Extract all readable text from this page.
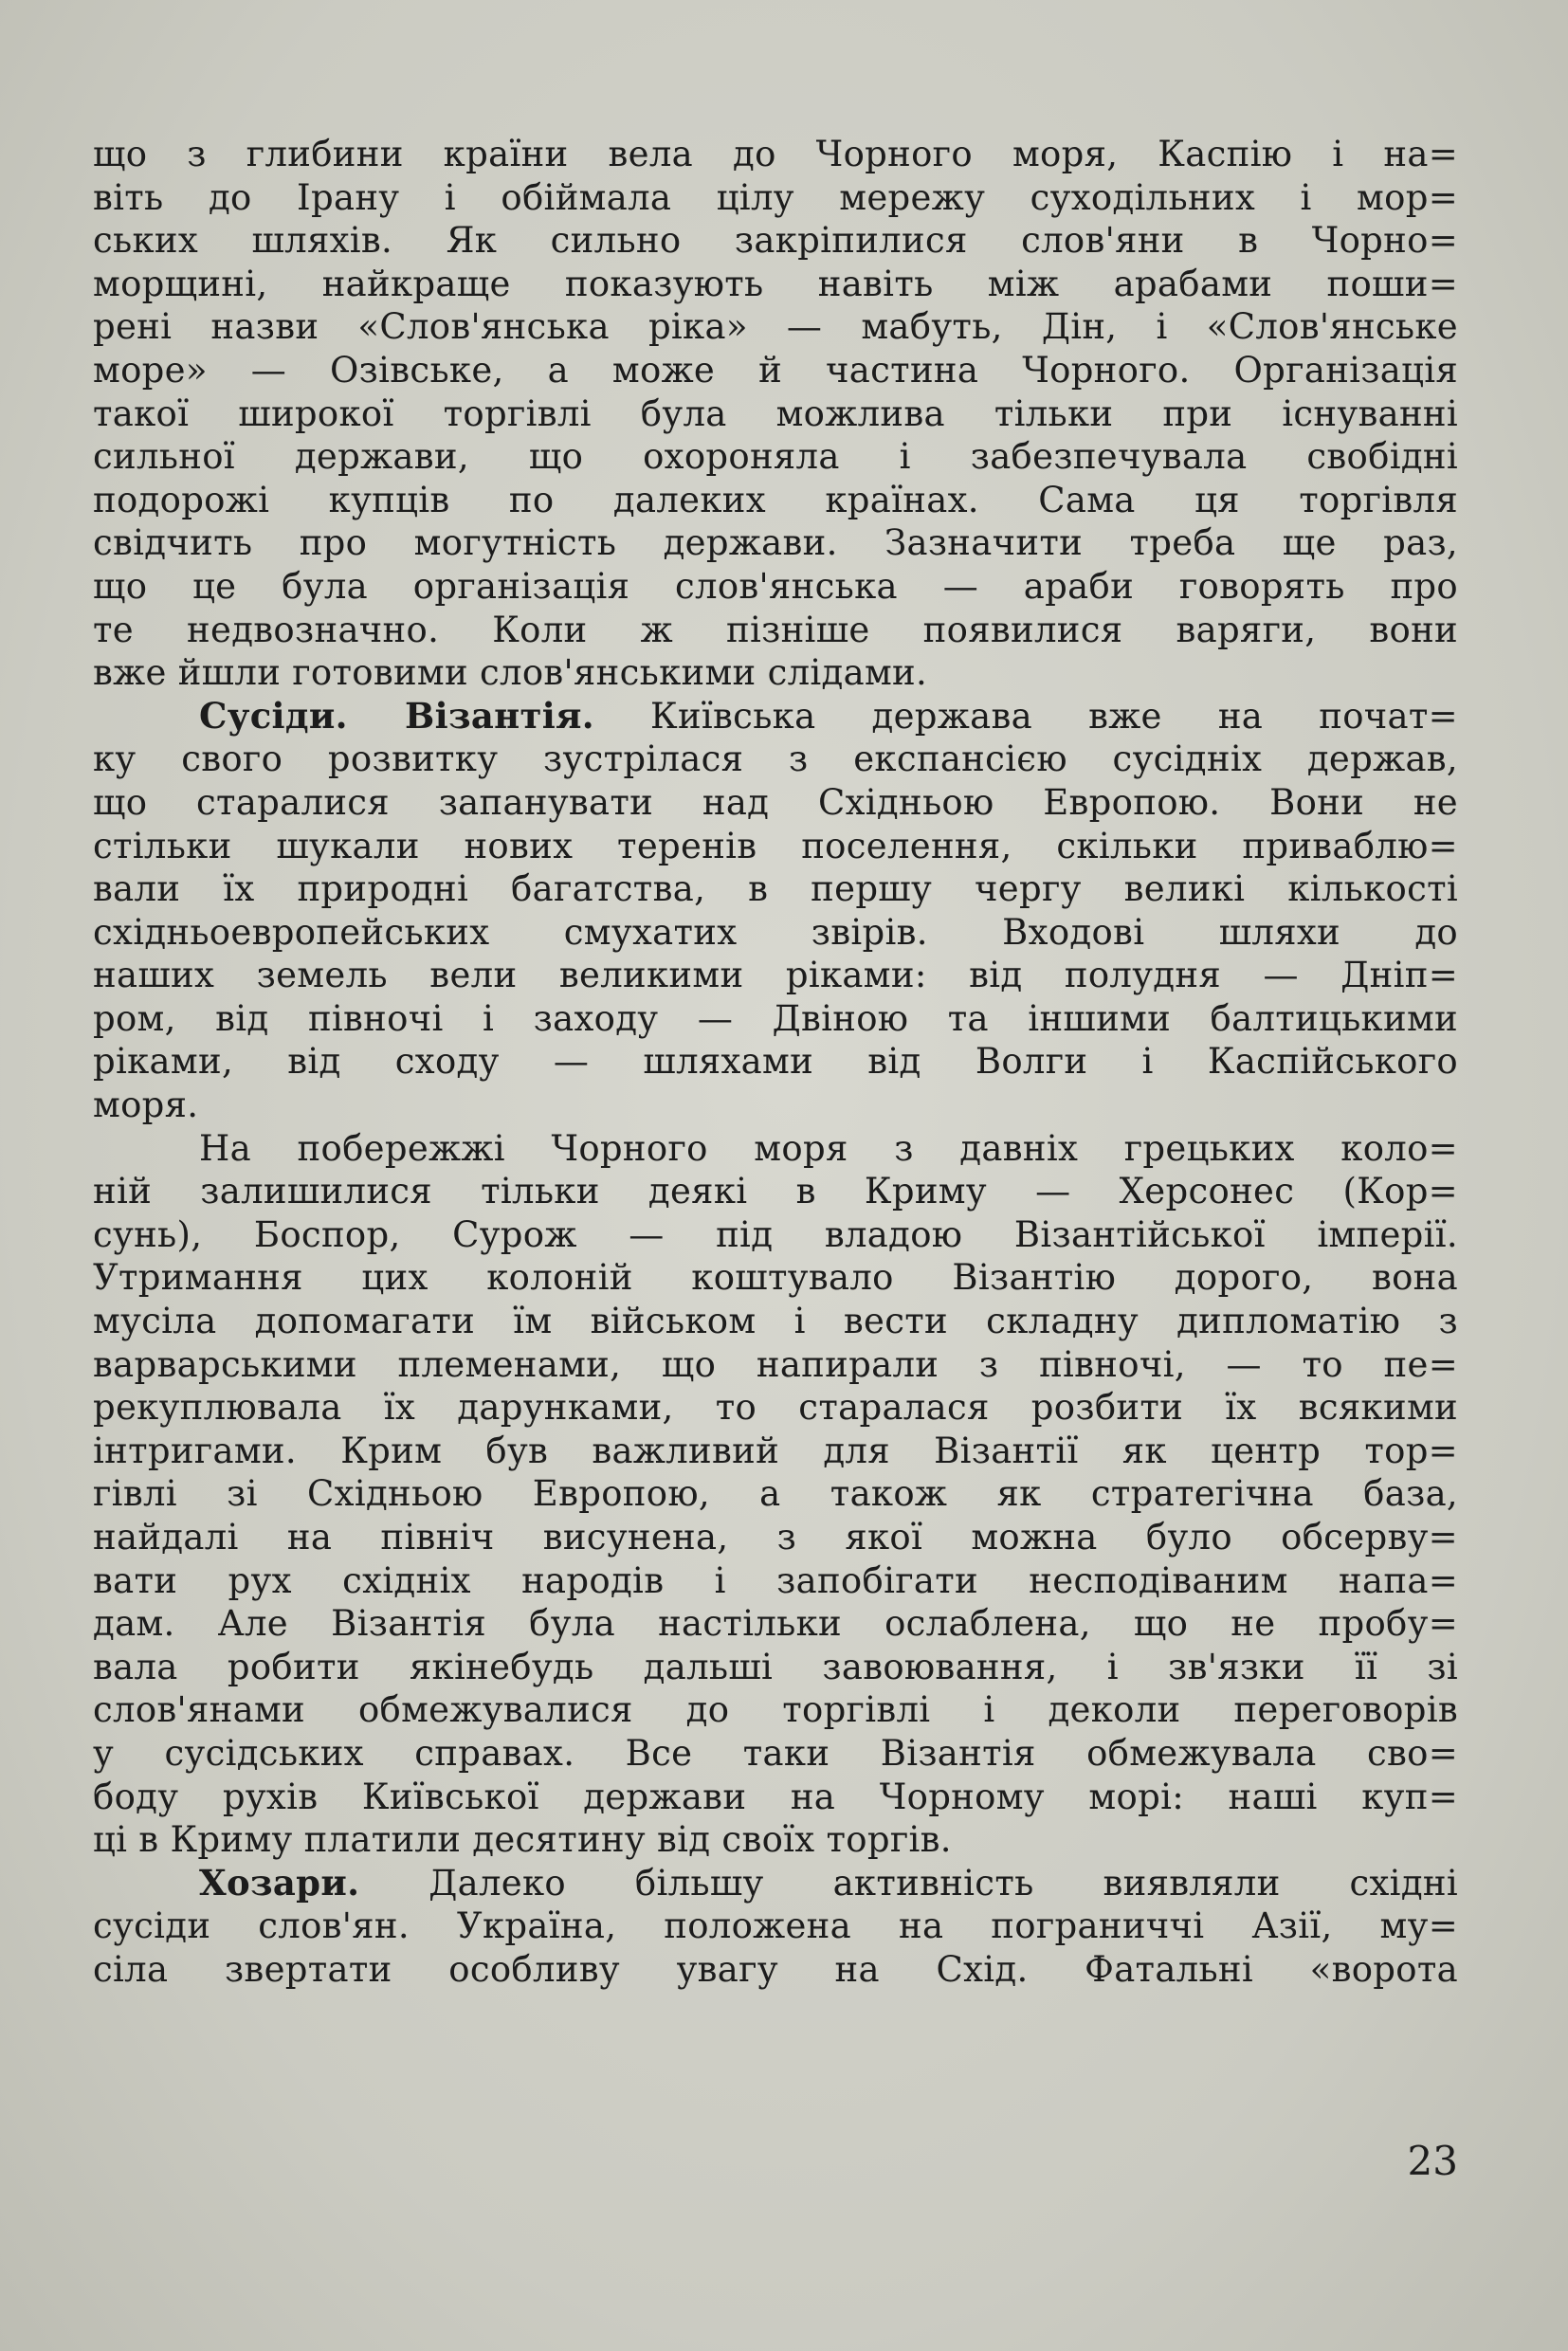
що з глибини країни вела до Чорного моря, Каспію і на=
віть до Ірану і обіймала цілу мережу суходільних і мор=
ських шляхів. Як сильно закріпилися слов'яни в Чорно=
морщині, найкраще показують навіть між арабами поши=
рені назви «Слов'янська ріка» — мабуть, Дін, і «Слов'янське
море» — Озівське, а може й частина Чорного. Організація
такої широкої торгівлі була можлива тільки при існуванні
сильної держави, що охороняла і забезпечувала свобідні
подорожі купців по далеких країнах. Сама ця торгівля
свідчить про могутність держави. Зазначити треба ще раз,
що це була організація слов'янська — араби говорять про
те недвозначно. Коли ж пізніше появилися варяги, вони
вже йшли готовими слов'янськими слідами.
Сусіди. Візантія. Київська держава вже на почат=
ку свого розвитку зустрілася з експансією сусідніх держав,
що старалися запанувати над Східньою Европою. Вони не
стільки шукали нових теренів поселення, скільки приваблю=
вали їх природні багатства, в першу чергу великі кількості
східньоевропейських смухатих звірів. Входові шляхи до
наших земель вели великими ріками: від полудня — Дніп=
ром, від півночі і заходу — Двіною та іншими балтицькими
ріками, від сходу — шляхами від Волги і Каспійського
моря.
На побережжі Чорного моря з давніх грецьких коло=
ній залишилися тільки деякі в Криму — Херсонес (Кор=
сунь), Боспор, Сурож — під владою Візантійської імперії.
Утримання цих колоній коштувало Візантію дорого, вона
мусіла допомагати їм військом і вести складну дипломатію з
варварськими племенами, що напирали з півночі, — то пе=
рекуплювала їх дарунками, то старалася розбити їх всякими
інтригами. Крим був важливий для Візантії як центр тор=
гівлі зі Східньою Европою, а також як стратегічна база,
найдалі на північ висунена, з якої можна було обсерву=
вати рух східніх народів і запобігати несподіваним напа=
дам. Але Візантія була настільки ослаблена, що не пробу=
вала робити якінебудь дальші завоювання, і зв'язки її зі
слов'янами обмежувалися до торгівлі і деколи переговорів
у сусідських справах. Все таки Візантія обмежувала сво=
боду рухів Київської держави на Чорному морі: наші куп=
ці в Криму платили десятину від своїх торгів.
Хозари. Далеко більшу активність виявляли східні
сусіди слов'ян. Україна, положена на пограниччі Азії, му=
сіла звертати особливу увагу на Схід. Фатальні «ворота
23
